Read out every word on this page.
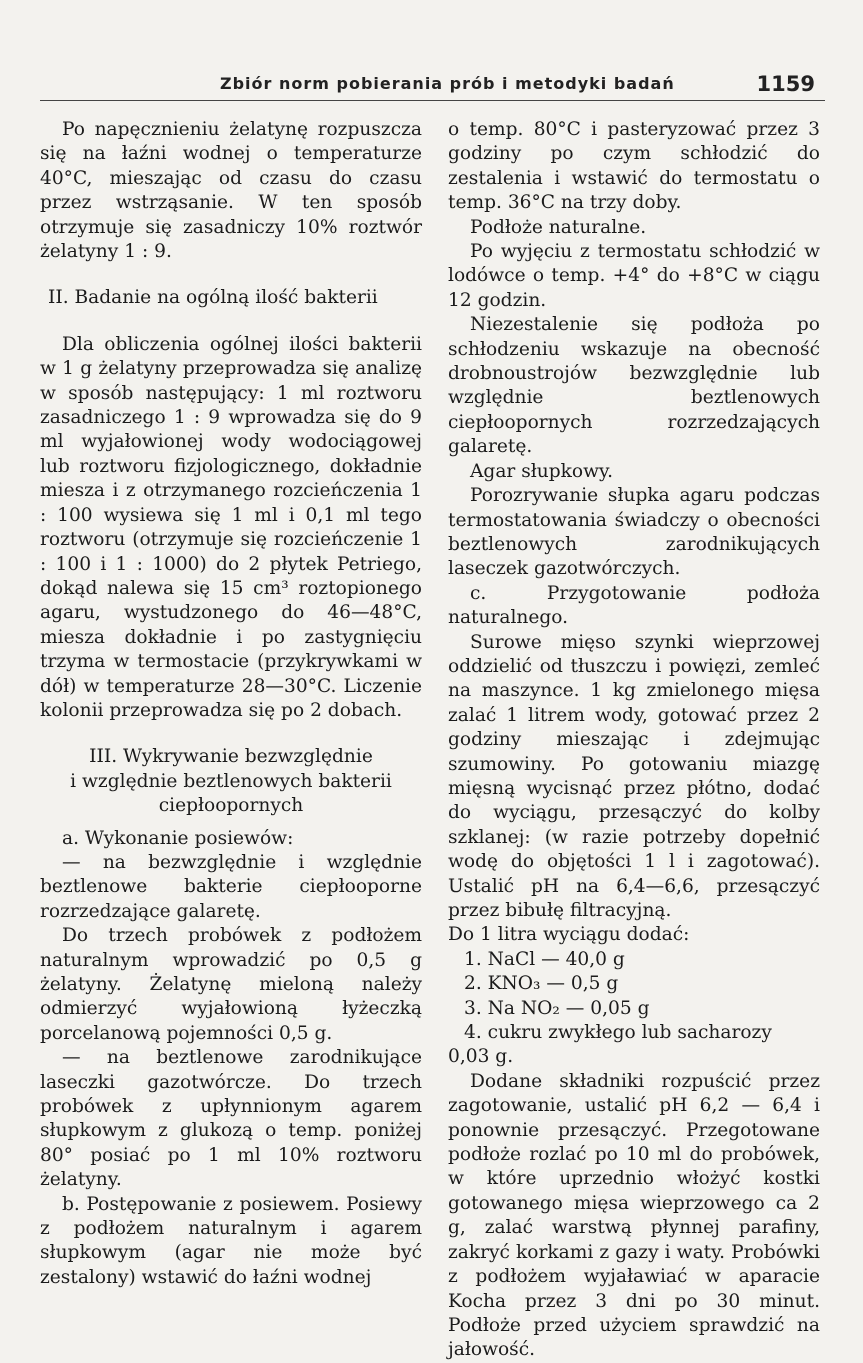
Zbiór norm pobierania prób i metodyki badań	1159

Po napęcznieniu żelatynę rozpuszcza się na łaźni wodnej o temperaturze 40°C, mieszając od czasu do czasu przez wstrząsanie. W ten sposób otrzymuje się zasadniczy 10% roztwór żelatyny 1 : 9.

II. Badanie na ogólną ilość bakterii

Dla obliczenia ogólnej ilości bakterii w 1 g żelatyny przeprowadza się analizę w sposób następujący: 1 ml roztworu zasadniczego 1 : 9 wprowadza się do 9 ml wyjałowionej wody wodociągowej lub roztworu fizjologicznego, dokładnie miesza i z otrzymanego rozcieńczenia 1 : 100 wysiewa się 1 ml i 0,1 ml tego roztworu (otrzymuje się rozcieńczenie 1 : 100 i 1 : 1000) do 2 płytek Petriego, dokąd nalewa się 15 cm³ roztopionego agaru, wystudzonego do 46—48°C, miesza dokładnie i po zastygnięciu trzyma w termostacie (przykrywkami w dół) w temperaturze 28—30°C. Liczenie kolonii przeprowadza się po 2 dobach.

III. Wykrywanie bezwzględnie
i względnie beztlenowych bakterii
ciepłoopornych

a. Wykonanie posiewów:

— na bezwzględnie i względnie beztlenowe bakterie ciepłooporne rozrzedzające galaretę.

Do trzech probówek z podłożem naturalnym wprowadzić po 0,5 g żelatyny. Żelatynę mieloną należy odmierzyć wyjałowioną łyżeczką porcelanową pojemności 0,5 g.

— na beztlenowe zarodnikujące laseczki gazotwórcze. Do trzech probówek z upłynnionym agarem słupkowym z glukozą o temp. poniżej 80° posiać po 1 ml 10% roztworu żelatyny.

b. Postępowanie z posiewem. Posiewy z podłożem naturalnym i agarem słupkowym (agar nie może być zestalony) wstawić do łaźni wodnej

o temp. 80°C i pasteryzować przez 3 godziny po czym schłodzić do zestalenia i wstawić do termostatu o temp. 36°C na trzy doby.

Podłoże naturalne.

Po wyjęciu z termostatu schłodzić w lodówce o temp. +4° do +8°C w ciągu 12 godzin.

Niezestalenie się podłoża po schłodzeniu wskazuje na obecność drobnoustrojów bezwzględnie lub względnie beztlenowych ciepłoopornych rozrzedzających galaretę.

Agar słupkowy.

Porozrywanie słupka agaru podczas termostatowania świadczy o obecności beztlenowych zarodnikujących laseczek gazotwórczych.

c. Przygotowanie podłoża naturalnego.

Surowe mięso szynki wieprzowej oddzielić od tłuszczu i powięzi, zemleć na maszynce. 1 kg zmielonego mięsa zalać 1 litrem wody, gotować przez 2 godziny mieszając i zdejmując szumowiny. Po gotowaniu miazgę mięsną wycisnąć przez płótno, dodać do wyciągu, przesączyć do kolby szklanej: (w razie potrzeby dopełnić wodę do objętości 1 l i zagotować). Ustalić pH na 6,4—6,6, przesączyć przez bibułę filtracyjną.

Do 1 litra wyciągu dodać:

1. NaCl — 40,0 g
2. KNO₃ — 0,5 g
3. Na NO₂ — 0,05 g
4. cukru zwykłego lub sacharozy

0,03 g.

Dodane składniki rozpuścić przez zagotowanie, ustalić pH 6,2 — 6,4 i ponownie przesączyć. Przegotowane podłoże rozlać po 10 ml do probówek, w które uprzednio włożyć kostki gotowanego mięsa wieprzowego ca 2 g, zalać warstwą płynnej parafiny, zakryć korkami z gazy i waty. Probówki z podłożem wyjaławiać w aparacie Kocha przez 3 dni po 30 minut. Podłoże przed użyciem sprawdzić na jałowość.
